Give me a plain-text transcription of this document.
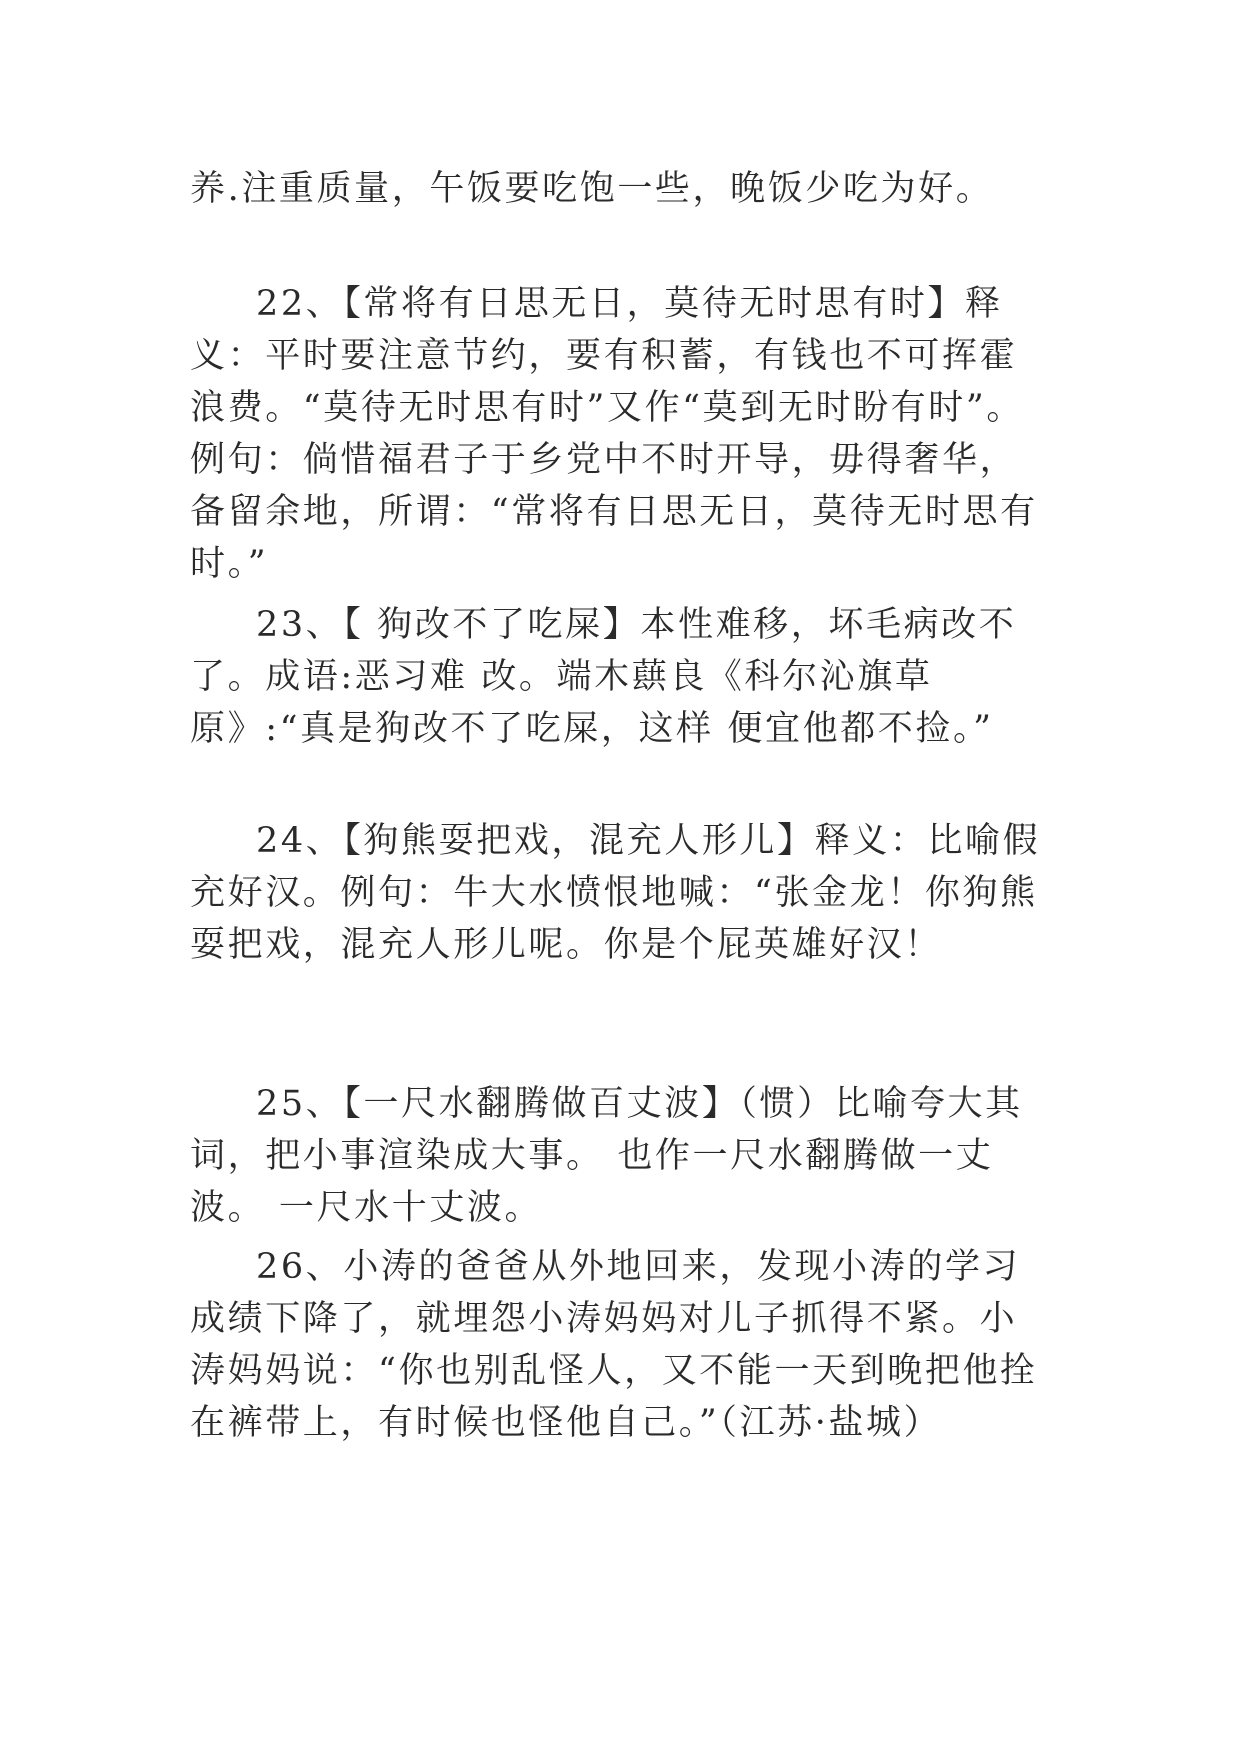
养.注重质量，午饭要吃饱一些，晚饭少吃为好。

22、【常将有日思无日，莫待无时思有时】释义：平时要注意节约，要有积蓄，有钱也不可挥霍浪费。“莫待无时思有时”又作“莫到无时盼有时”。例句：倘惜福君子于乡党中不时开导，毋得奢华，备留余地，所谓：“常将有日思无日，莫待无时思有时。”

23、【 狗改不了吃屎】本性难移，坏毛病改不了。成语:恶习难 改。端木蕻良《科尔沁旗草原》:“真是狗改不了吃屎，这样 便宜他都不捡。”

24、【狗熊耍把戏，混充人形儿】释义：比喻假充好汉。例句：牛大水愤恨地喊：“张金龙！你狗熊耍把戏，混充人形儿呢。你是个屁英雄好汉！

25、【一尺水翻腾做百丈波】（惯）比喻夸大其词，把小事渲染成大事。 也作一尺水翻腾做一丈波。 一尺水十丈波。

26、小涛的爸爸从外地回来，发现小涛的学习成绩下降了，就埋怨小涛妈妈对儿子抓得不紧。小涛妈妈说：“你也别乱怪人，又不能一天到晚把他拴在裤带上，有时候也怪他自己。”（江苏·盐城）
